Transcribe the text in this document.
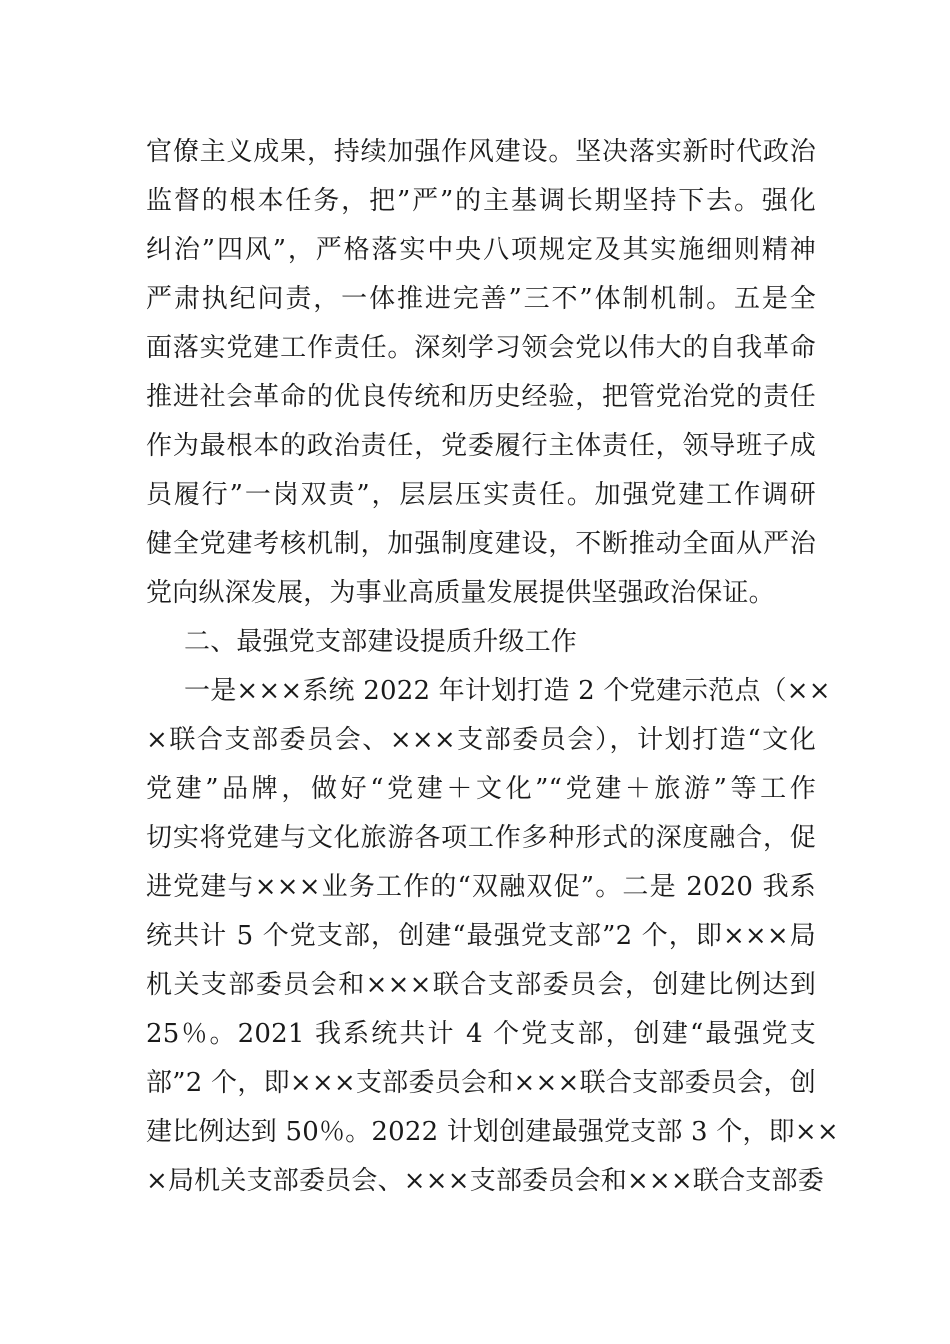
官僚主义成果，持续加强作风建设。坚决落实新时代政治
监督的根本任务，把”严”的主基调长期坚持下去。强化
纠治”四风”，严格落实中央八项规定及其实施细则精神
严肃执纪问责，一体推进完善”三不”体制机制。五是全
面落实党建工作责任。深刻学习领会党以伟大的自我革命
推进社会革命的优良传统和历史经验，把管党治党的责任
作为最根本的政治责任，党委履行主体责任，领导班子成
员履行”一岗双责”，层层压实责任。加强党建工作调研
健全党建考核机制，加强制度建设，不断推动全面从严治
党向纵深发展，为事业高质量发展提供坚强政治保证。
二、最强党支部建设提质升级工作
一是×××系统 2022 年计划打造 2 个党建示范点（××
×联合支部委员会、×××支部委员会），计划打造“文化
党建”品牌，做好“党建＋文化”“党建＋旅游”等工作
切实将党建与文化旅游各项工作多种形式的深度融合，促
进党建与×××业务工作的“双融双促”。二是 2020 我系
统共计 5 个党支部，创建“最强党支部”2 个，即×××局
机关支部委员会和×××联合支部委员会，创建比例达到
25％。2021 我系统共计 4 个党支部，创建“最强党支
部”2 个，即×××支部委员会和×××联合支部委员会，创
建比例达到 50％。2022 计划创建最强党支部 3 个，即××
×局机关支部委员会、×××支部委员会和×××联合支部委
